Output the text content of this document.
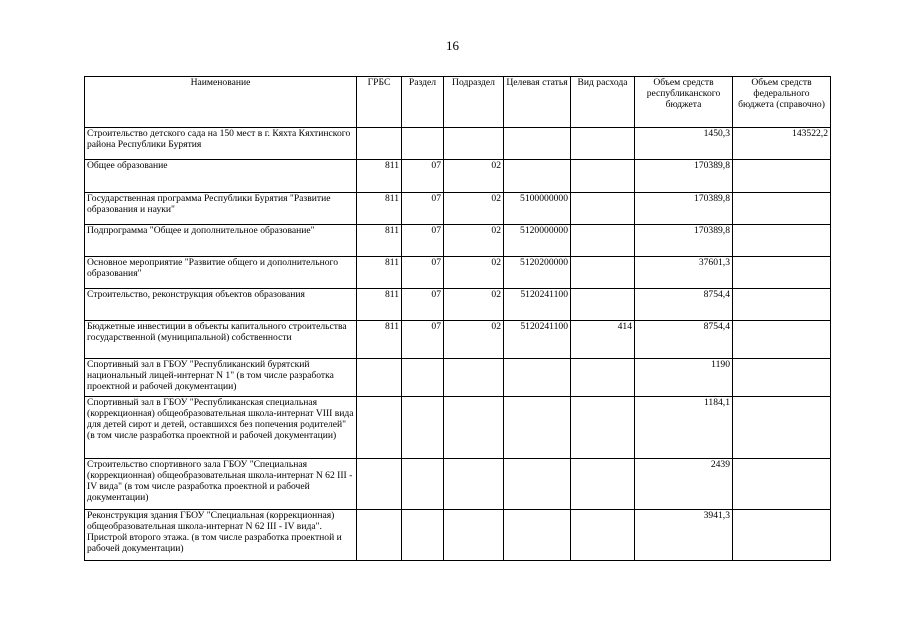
16
Наименование	ГРБС	Раздел	Подраздел	Целевая статья	Вид расхода	Объем средств республиканского бюджета	Объем средств федерального бюджета (справочно)
Строительство детского сада на 150 мест в г. Кяхта Кяхтинского района Республики Бурятия						1450,3	143522,2
Общее образование	811	07	02			170389,8	
Государственная программа Республики Бурятия "Развитие образования и науки"	811	07	02	5100000000		170389,8	
Подпрограмма "Общее и дополнительное образование"	811	07	02	5120000000		170389,8	
Основное мероприятие "Развитие общего и дополнительного образования"	811	07	02	5120200000		37601,3	
Строительство, реконструкция объектов образования	811	07	02	5120241100		8754,4	
Бюджетные инвестиции в объекты капитального строительства государственной (муниципальной) собственности	811	07	02	5120241100	414	8754,4	
Спортивный зал в ГБОУ "Республиканский бурятский национальный лицей-интернат N 1" (в том числе разработка проектной и рабочей документации)						1190	
Спортивный зал в ГБОУ "Республиканская специальная (коррекционная) общеобразовательная школа-интернат VIII вида для детей сирот и детей, оставшихся без попечения родителей" (в том числе разработка проектной и рабочей документации)						1184,1	
Строительство спортивного зала ГБОУ "Специальная (коррекционная) общеобразовательная школа-интернат N 62 III - IV вида" (в том числе разработка проектной и рабочей документации)						2439	
Реконструкция здания ГБОУ "Специальная (коррекционная) общеобразовательная школа-интернат N 62 III - IV вида". Пристрой второго этажа. (в том числе разработка проектной и рабочей документации)						3941,3	
